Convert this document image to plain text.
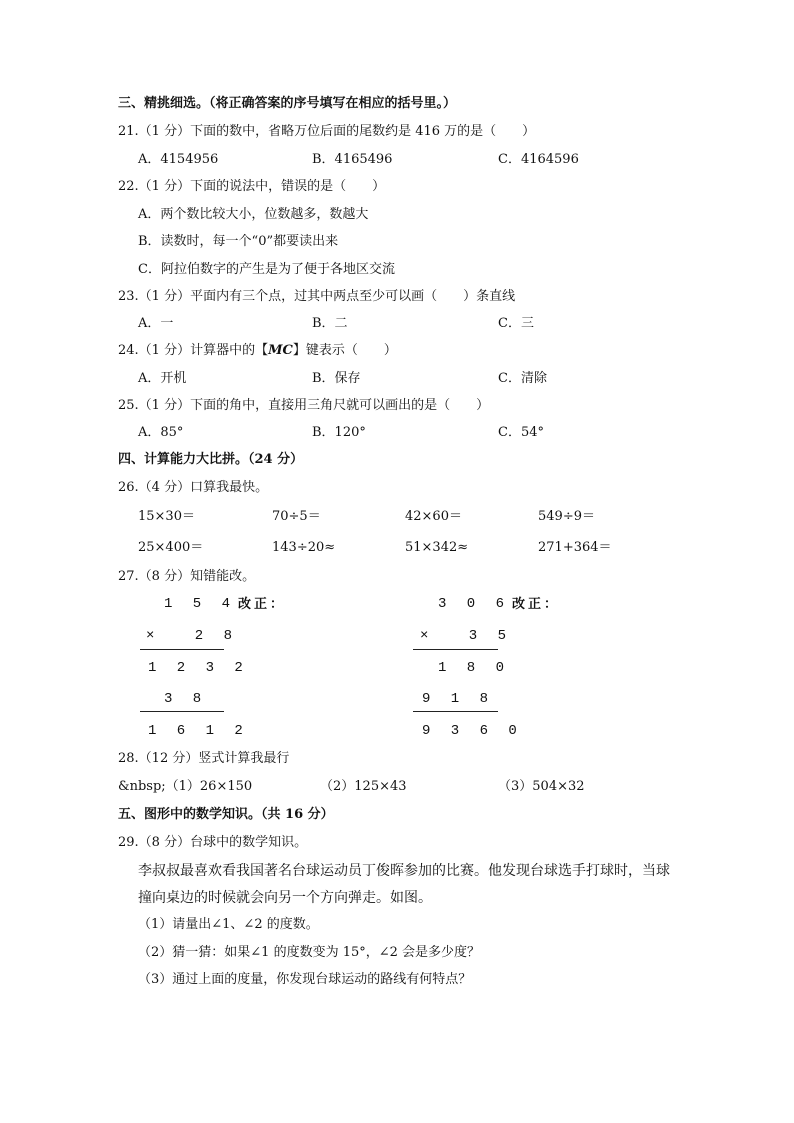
三、精挑细选。（将正确答案的序号填写在相应的括号里。）
21.（1 分）下面的数中，省略万位后面的尾数约是 416 万的是（　　）
A．4154956	B．4165496	C．4164596
22.（1 分）下面的说法中，错误的是（　　）
A．两个数比较大小，位数越多，数越大
B．读数时，每一个“0”都要读出来
C．阿拉伯数字的产生是为了便于各地区交流
23.（1 分）平面内有三个点，过其中两点至少可以画（　　）条直线
A．一	B．二	C．三
24.（1 分）计算器中的【MC】键表示（　　）
A．开机	B．保存	C．清除
25.（1 分）下面的角中，直接用三角尺就可以画出的是（　　）
A．85°	B．120°	C．54°
四、计算能力大比拼。（24 分）
26.（4 分）口算我最快。
15×30＝	70÷5＝	42×60＝	549÷9＝
25×400＝	143÷20≈	51×342≈	271+364＝
27.（8 分）知错能改。
1 5 4 改正：
×　 2 8
1 2 3 2
3 8
1 6 1 2
3 0 6 改正：
×　 3 5
1 8 0
9 1 8
9 3 6 0
28.（12 分）竖式计算我最行
&nbsp;（1）26×150	（2）125×43	（3）504×32
五、图形中的数学知识。（共 16 分）
29.（8 分）台球中的数学知识。
李叔叔最喜欢看我国著名台球运动员丁俊晖参加的比赛。他发现台球选手打球时，当球
撞向桌边的时候就会向另一个方向弹走。如图。
（1）请量出∠1、∠2 的度数。
（2）猜一猜：如果∠1 的度数变为 15°，∠2 会是多少度？
（3）通过上面的度量，你发现台球运动的路线有何特点？
